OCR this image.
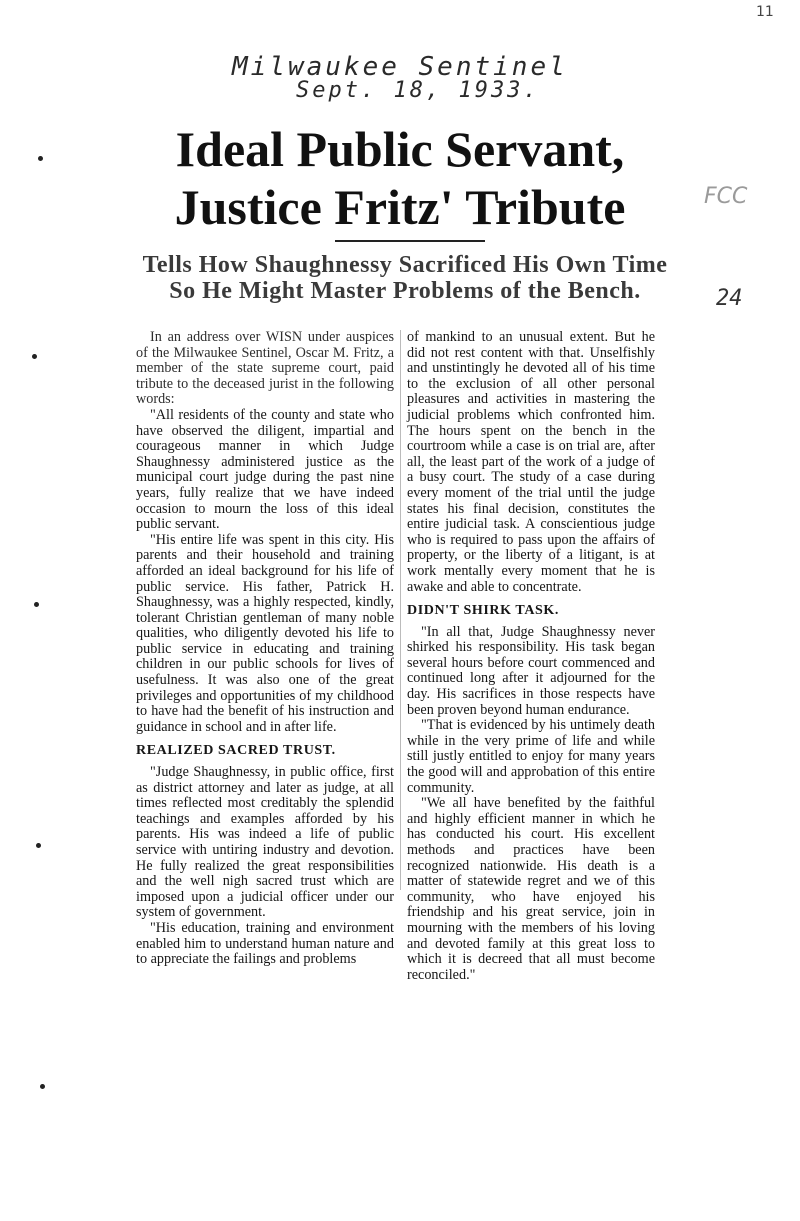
11
Milwaukee Sentinel
Sept. 18, 1933.
FCC
24
Ideal Public Servant,
Justice Fritz' Tribute
Tells How Shaughnessy Sacrificed His Own Time So He Might Master Problems of the Bench.

In an address over WISN under auspices of the Milwaukee Sentinel, Oscar M. Fritz, a member of the state supreme court, paid tribute to the deceased jurist in the following words:

"All residents of the county and state who have observed the diligent, impartial and courageous manner in which Judge Shaughnessy administered justice as the municipal court judge during the past nine years, fully realize that we have indeed occasion to mourn the loss of this ideal public servant.

"His entire life was spent in this city. His parents and their household and training afforded an ideal background for his life of public service. His father, Patrick H. Shaughnessy, was a highly respected, kindly, tolerant Christian gentleman of many noble qualities, who diligently devoted his life to public service in educating and training children in our public schools for lives of usefulness. It was also one of the great privileges and opportunities of my childhood to have had the benefit of his instruction and guidance in school and in after life.

REALIZED SACRED TRUST.

"Judge Shaughnessy, in public office, first as district attorney and later as judge, at all times reflected most creditably the splendid teachings and examples afforded by his parents. His was indeed a life of public service with untiring industry and devotion. He fully realized the great responsibilities and the well nigh sacred trust which are imposed upon a judicial officer under our system of government.

"His education, training and environment enabled him to understand human nature and to appreciate the failings and problems

of mankind to an unusual extent. But he did not rest content with that. Unselfishly and unstintingly he devoted all of his time to the exclusion of all other personal pleasures and activities in mastering the judicial problems which confronted him. The hours spent on the bench in the courtroom while a case is on trial are, after all, the least part of the work of a judge of a busy court. The study of a case during every moment of the trial until the judge states his final decision, constitutes the entire judicial task. A conscientious judge who is required to pass upon the affairs of property, or the liberty of a litigant, is at work mentally every moment that he is awake and able to concentrate.

DIDN'T SHIRK TASK.

"In all that, Judge Shaughnessy never shirked his responsibility. His task began several hours before court commenced and continued long after it adjourned for the day. His sacrifices in those respects have been proven beyond human endurance.

"That is evidenced by his untimely death while in the very prime of life and while still justly entitled to enjoy for many years the good will and approbation of this entire community.

"We all have benefited by the faithful and highly efficient manner in which he has conducted his court. His excellent methods and practices have been recognized nationwide. His death is a matter of statewide regret and we of this community, who have enjoyed his friendship and his great service, join in mourning with the members of his loving and devoted family at this great loss to which it is decreed that all must become reconciled."
